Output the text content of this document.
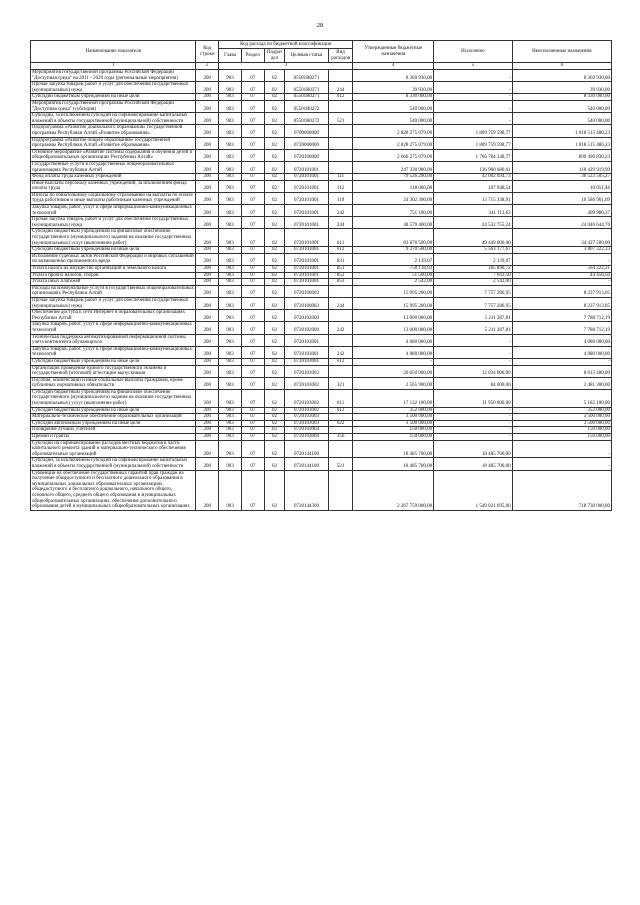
28
Наименование показателя	Код строки	Код расхода по бюджетной классификации					Утвержденные бюджетные назначения	Исполнено	Неисполненные назначения
		Глава	Раздел	Подраз дел	Целевая статья	Вид расходов			
1	2	3					4	5	6
Мероприятия государственной программы Российской Федерации "Доступная среда" на 2011 - 2020 годы (региональные мероприятия)	200	903	07	02	05501R0271		8 369 930,00	-	8 369 930,00
Прочая закупка товаров, работ и услуг для обеспечения государственных (муниципальных) нужд	200	903	07	02	05501R0271	244	39 930,00	-	39 930,00
Субсидии бюджетным учреждениям на иные цели	200	903	07	02	05501R0271	612	8 330 000,00	-	8 330 000,00
Мероприятия государственной программы Российской Федерации "Доступная среда" (субсидия)	200	903	07	02	05501R0272		540 000,00	-	540 000,00
Субсидии, за исключением субсидий на софинансирование капитальных вложений в объекты государственной (муниципальной) собственности	200	903	07	02	05501R0272	521	540 000,00	-	540 000,00
Подпрограмма «Развитие дошкольного образования» государственной программы Республики Алтай «Развитие образования»	200	903	07	02	0700000000		2 828 275 079,00	1 809 759 598,77	1 018 515 480,23
Подпрограмма «Развитие общего образования» государственной программы Республики Алтай «Развитие образования»	200	903	07	02	0720000000		2 828 275 079,00	1 809 759 598,77	1 018 515 480,23
Основное мероприятие «Развитие системы содержания и обучения детей в общеобразовательных организациях Республики Алтай»	200	903	07	02	0720100000		2 666 275 079,00	1 766 784 248,77	899 490 830,23
Государственные услуги в государственных общеобразовательных организациях Республики Алтай	200	903	07	02	0720101001		247 330 900,00	136 900 680,01	110 429 919,99
Фонд оплаты труда казенных учреждений	200	903	07	02	0720101001	111	79 526 200,00	43 002 694,73	36 523 505,27
Иные выплаты персоналу казенных учреждений, за исключением фонда оплаты труда	200	903	07	02	0720101001	112	118 000,00	107 948,54	10 051,46
Взносы по обязательному социальному страхованию на выплаты по оплате труда работников и иные выплаты работникам казенных учреждений	200	903	07	02	0720101001	119	24 302 300,00	13 715 338,91	10 586 961,09
Закупка товаров, работ, услуг в сфере информационно-коммуникационных технологий	200	903	07	02	0720101001	242	751 100,00	341 113,63	409 986,37
Прочая закупка товаров, работ и услуг для обеспечения государственных (муниципальных) нужд	200	903	07	02	0720101001	244	48 579 400,00	24 532 755,24	24 046 644,76
Субсидии бюджетным учреждениям на финансовое обеспечение государственного (муниципального) задания на оказание государственных (муниципальных) услуг (выполнение работ)	200	903	07	02	0720101001	611	83 876 500,00	49 449 000,00	34 427 500,00
Субсидии бюджетным учреждениям на иные цели	200	903	07	02	0720101001	612	9 370 500,00	5 563 177,67	3 807 322,33
Исполнение судебных актов Российской Федерации и мировых соглашений по возмещению причиненного вреда	200	903	07	02	0720101001	831	2 139,07	2 139,07	-
Уплата налога на имущество организаций и земельного налога	200	903	07	02	0720101001	851	750 118,93	185 896,72	564 222,21
Уплата прочих налогов, сборов	200	903	07	02	0720101001	852	51 500,00	7 043,50	44 456,50
Уплата иных платежей	200	903	07	02	0720101001	853	2 542,00	2 542,00	-
Расходы на коммунальные услуги в государственных общеобразовательных организациях Республики Алтай	200	903	07	02	0720100003		15 995 200,00	7 757 286,95	8 237 913,05
Прочая закупка товаров, работ и услуг для обеспечения государственных (муниципальных) нужд	200	903	07	02	0720100003	244	15 995 200,00	7 757 286,95	8 237 913,05
Обеспечение доступа к сети Интернет в образовательных организациях Республики Алтай	200	903	07	02	0720102000		13 000 000,00	5 211 287,81	7 788 712,19
Закупка товаров, работ, услуг в сфере информационно-коммуникационных технологий	200	903	07	02	0720102000	242	13 000 000,00	5 211 287,81	7 788 712,19
Техническая поддержка автоматизированной информационной системы учета контингента обучающихся	200	903	07	02	0720103001		4 080 000,00	-	4 080 000,00
Закупка товаров, работ, услуг в сфере информационно-коммуникационных технологий	200	903	07	02	0720103001	242	4 080 000,00	-	4 080 000,00
Субсидии бюджетным учреждениям на иные цели	200	903	07	02	0720103001	612	-	-	-
Организация проведения единого государственного экзамена и государственной (итоговой) аттестации выпускников	200	903	07	02	0720103002		20 050 000,00	12 034 600,00	8 015 400,00
Пособия, компенсации и иные социальные выплаты гражданам, кроме публичных нормативных обязательств	200	903	07	02	0720103002	321	2 565 900,00	84 600,00	2 481 300,00
Субсидии бюджетным учреждениям на финансовое обеспечение государственного (муниципального) задания на оказание государственных (муниципальных) услуг (выполнение работ)	200	903	07	02	0720103002	611	17 132 100,00	11 950 000,00	5 182 100,00
Субсидии бюджетным учреждениям на иные цели	200	903	07	02	0720103002	612	352 000,00	-	352 000,00
Материально-техническое обеспечение образовательных организаций	200	903	07	02	0720103003		3 500 000,00	-	3 500 000,00
Субсидии автономным учреждениям на иные цели	200	903	07	02	0720103003	622	3 500 000,00	-	3 500 000,00
Поощрение лучших учителей	200	903	07	02	0720103004		150 000,00	-	150 000,00
Премии и гранты	200	903	07	02	0720103004	350	150 000,00	-	150 000,00
Субсидии на софинансирование расходов местных бюджетов в части капитального ремонта зданий и материально-технического обеспечения образовательных организаций	200	903	07	02	0720144100		18 485 700,00	18 485 700,00	-
Субсидии, за исключением субсидий на софинансирование капитальных вложений в объекты государственной (муниципальной) собственности	200	903	07	02	0720144100	521	18 485 700,00	18 485 700,00	-
Субвенции на обеспечение государственных гарантий прав граждан на получение общедоступного и бесплатного дошкольного образования в муниципальных дошкольных образовательных организациях, общедоступного и бесплатного дошкольного, начального общего, основного общего, среднего общего образования в муниципальных общеобразовательных организациях, обеспечение дополнительного образования детей в муниципальных общеобразовательных организациях	200	903	07	02	0720144300		2 267 759 000,00	1 549 021 695,00	718 738 000,00
